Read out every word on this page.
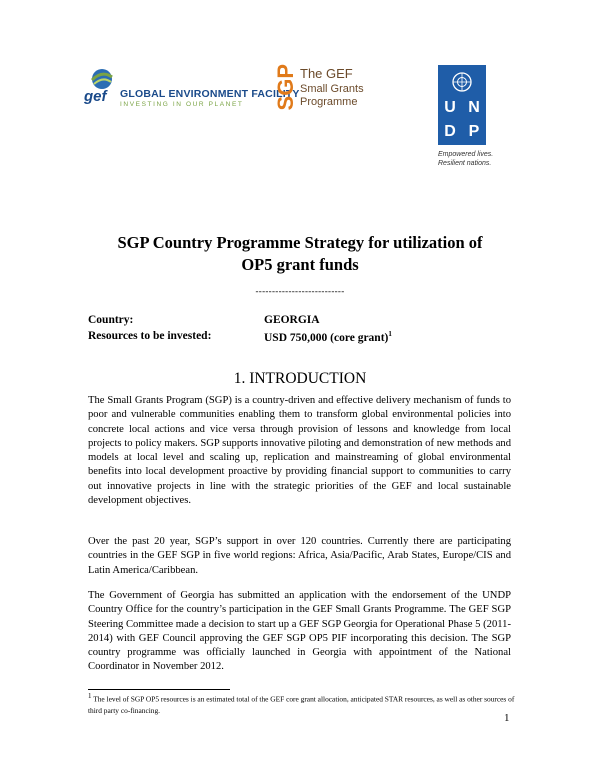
gef GLOBAL ENVIRONMENT FACILITY
INVESTING IN OUR PLANET SGP The GEF
Small Grants
Programme	U N
D P
Empowered lives.
Resilient nations.
SGP Country Programme Strategy for utilization of
OP5 grant funds
---------------------------
Country:	GEORGIA
Resources to be invested:	USD 750,000 (core grant)$^1$
1. INTRODUCTION

The Small Grants Program (SGP) is a country-driven and effective delivery mechanism of funds to poor and vulnerable communities enabling them to transform global environmental policies into concrete local actions and vice versa through provision of lessons and knowledge from local projects to policy makers. SGP supports innovative piloting and demonstration of new methods and models at local level and scaling up, replication and mainstreaming of global environmental benefits into local development proactive by providing financial support to communities to carry out innovative projects in line with the strategic priorities of the GEF and local sustainable development objectives.

Over the past 20 year, SGP’s support in over 120 countries. Currently there are participating countries in the GEF SGP in five world regions: Africa, Asia/Pacific, Arab States, Europe/CIS and Latin America/Caribbean.

The Government of Georgia has submitted an application with the endorsement of the UNDP Country Office for the country’s participation in the GEF Small Grants Programme. The GEF SGP Steering Committee made a decision to start up a GEF SGP Georgia for Operational Phase 5 (2011-2014) with GEF Council approving the GEF SGP OP5 PIF incorporating this decision. The SGP country programme was officially launched in Georgia with appointment of the National Coordinator in November 2012.

$^1$ The level of SGP OP5 resources is an estimated total of the GEF core grant allocation, anticipated STAR resources, as well as other sources of third party co-financing.
1
